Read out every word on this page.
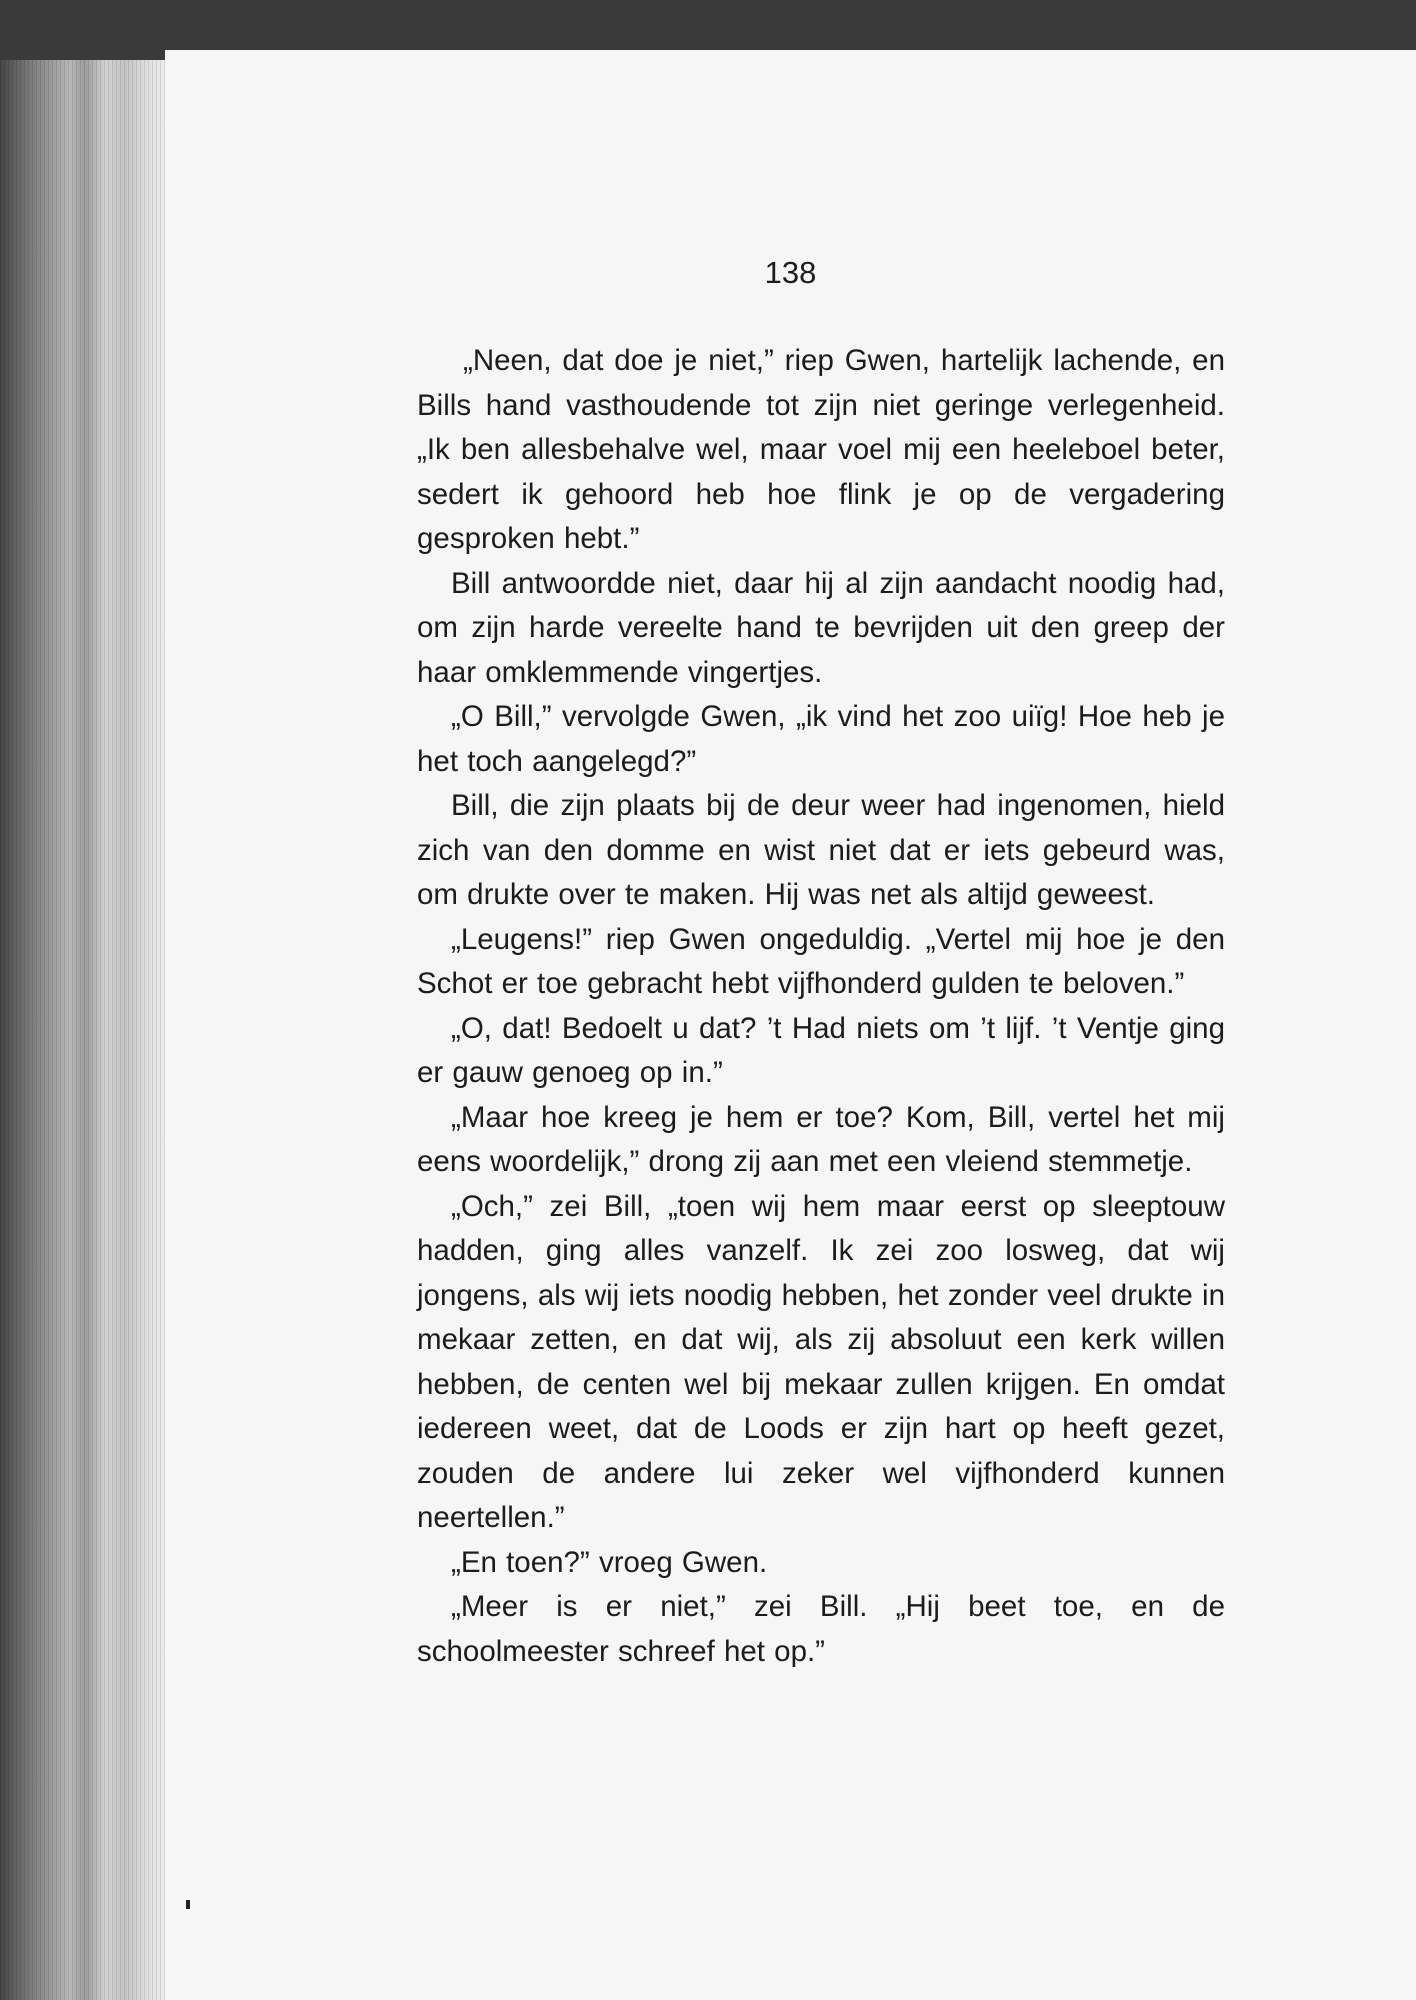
138

„Neen, dat doe je niet,” riep Gwen, hartelijk lachende, en Bills hand vasthoudende tot zijn niet geringe verlegenheid. „Ik ben allesbehalve wel, maar voel mij een heeleboel beter, sedert ik gehoord heb hoe flink je op de vergadering gesproken hebt.”

Bill antwoordde niet, daar hij al zijn aandacht noodig had, om zijn harde vereelte hand te bevrijden uit den greep der haar omklemmende vingertjes.

„O Bill,” vervolgde Gwen, „ik vind het zoo uiïg! Hoe heb je het toch aangelegd?”

Bill, die zijn plaats bij de deur weer had ingenomen, hield zich van den domme en wist niet dat er iets gebeurd was, om drukte over te maken. Hij was net als altijd geweest.

„Leugens!” riep Gwen ongeduldig. „Vertel mij hoe je den Schot er toe gebracht hebt vijfhonderd gulden te beloven.”

„O, dat! Bedoelt u dat? ’t Had niets om ’t lijf. ’t Ventje ging er gauw genoeg op in.”

„Maar hoe kreeg je hem er toe? Kom, Bill, vertel het mij eens woordelijk,” drong zij aan met een vleiend stemmetje.

„Och,” zei Bill, „toen wij hem maar eerst op sleeptouw hadden, ging alles vanzelf. Ik zei zoo losweg, dat wij jongens, als wij iets noodig hebben, het zonder veel drukte in mekaar zetten, en dat wij, als zij absoluut een kerk willen hebben, de centen wel bij mekaar zullen krijgen. En omdat iedereen weet, dat de Loods er zijn hart op heeft gezet, zouden de andere lui zeker wel vijfhonderd kunnen neertellen.”

„En toen?” vroeg Gwen.

„Meer is er niet,” zei Bill. „Hij beet toe, en de schoolmeester schreef het op.”
